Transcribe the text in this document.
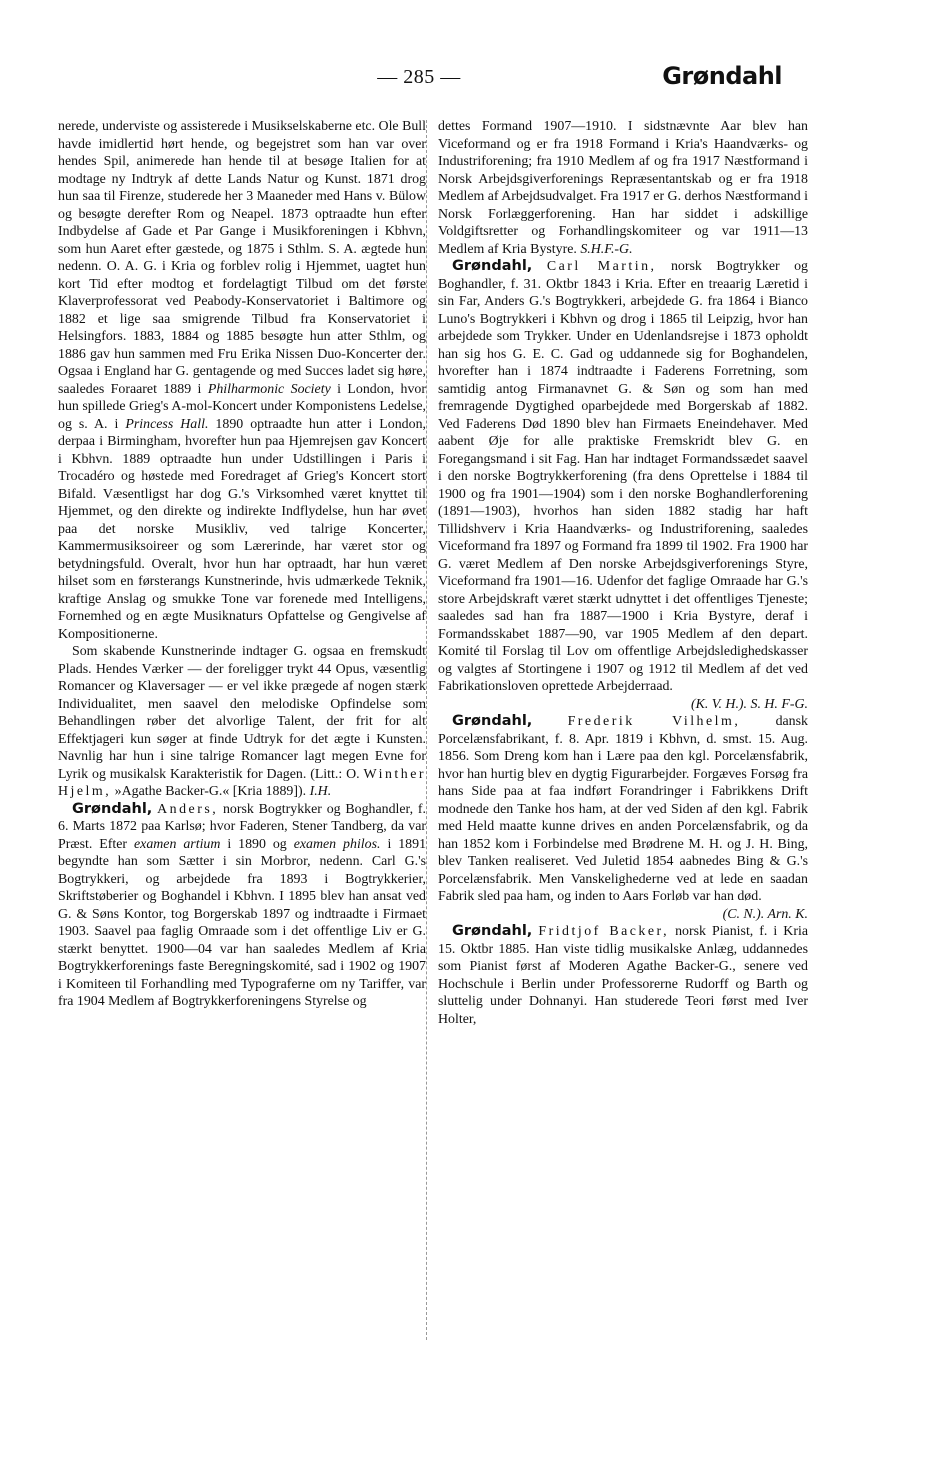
— 285 —	Grøndahl

nerede, underviste og assisterede i Musikselskaberne etc. Ole Bull havde imidlertid hørt hende, og begejstret som han var over hendes Spil, animerede han hende til at besøge Italien for at modtage ny Indtryk af dette Lands Natur og Kunst. 1871 drog hun saa til Firenze, studerede her 3 Maaneder med Hans v. Bülow og besøgte derefter Rom og Neapel. 1873 optraadte hun efter Indbydelse af Gade et Par Gange i Musikforeningen i Kbhvn, som hun Aaret efter gæstede, og 1875 i Sthlm. S. A. ægtede hun nedenn. O. A. G. i Kria og forblev rolig i Hjemmet, uagtet hun kort Tid efter modtog et fordelagtigt Tilbud om det første Klaverprofessorat ved Peabody-Konservatoriet i Baltimore og 1882 et lige saa smigrende Tilbud fra Konservatoriet i Helsingfors. 1883, 1884 og 1885 besøgte hun atter Sthlm, og 1886 gav hun sammen med Fru Erika Nissen Duo-Koncerter der. Ogsaa i England har G. gentagende og med Succes ladet sig høre, saaledes Foraaret 1889 i Philharmonic Society i London, hvor hun spillede Grieg's A-mol-Koncert under Komponistens Ledelse, og s. A. i Princess Hall. 1890 optraadte hun atter i London, derpaa i Birmingham, hvorefter hun paa Hjemrejsen gav Koncert i Kbhvn. 1889 optraadte hun under Udstillingen i Paris i Trocadéro og høstede med Foredraget af Grieg's Koncert stort Bifald. Væsentligst har dog G.'s Virksomhed været knyttet til Hjemmet, og den direkte og indirekte Indflydelse, hun har øvet paa det norske Musikliv, ved talrige Koncerter, Kammermusiksoireer og som Lærerinde, har været stor og betydningsfuld. Overalt, hvor hun har optraadt, har hun været hilset som en førsterangs Kunstnerinde, hvis udmærkede Teknik, kraftige Anslag og smukke Tone var forenede med Intelligens, Fornemhed og en ægte Musiknaturs Opfattelse og Gengivelse af Kompositionerne.

Som skabende Kunstnerinde indtager G. ogsaa en fremskudt Plads. Hendes Værker — der foreligger trykt 44 Opus, væsentlig Romancer og Klaversager — er vel ikke prægede af nogen stærk Individualitet, men saavel den melodiske Opfindelse som Behandlingen røber det alvorlige Talent, der frit for alt Effektjageri kun søger at finde Udtryk for det ægte i Kunsten. Navnlig har hun i sine talrige Romancer lagt megen Evne for Lyrik og musikalsk Karakteristik for Dagen. (Litt.: O. Winther Hjelm, »Agathe Backer-G.« [Kria 1889]). I.H.

Grøndahl, Anders, norsk Bogtrykker og Boghandler, f. 6. Marts 1872 paa Karlsø; hvor Faderen, Stener Tandberg, da var Præst. Efter examen artium i 1890 og examen philos. i 1891 begyndte han som Sætter i sin Morbror, nedenn. Carl G.'s Bogtrykkeri, og arbejdede fra 1893 i Bogtrykkerier, Skriftstøberier og Boghandel i Kbhvn. I 1895 blev han ansat ved G. & Søns Kontor, tog Borgerskab 1897 og indtraadte i Firmaet 1903. Saavel paa faglig Omraade som i det offentlige Liv er G. stærkt benyttet. 1900—04 var han saaledes Medlem af Kria Bogtrykkerforenings faste Beregningskomité, sad i 1902 og 1907 i Komiteen til Forhandling med Typograferne om ny Tariffer, var fra 1904 Medlem af Bogtrykkerforeningens Styrelse og

dettes Formand 1907—1910. I sidstnævnte Aar blev han Viceformand og er fra 1918 Formand i Kria's Haandværks- og Industriforening; fra 1910 Medlem af og fra 1917 Næstformand i Norsk Arbejdsgiverforenings Repræsentantskab og er fra 1918 Medlem af Arbejdsudvalget. Fra 1917 er G. derhos Næstformand i Norsk Forlæggerforening. Han har siddet i adskillige Voldgiftsretter og Forhandlingskomiteer og var 1911—13 Medlem af Kria Bystyre. S.H.F.-G.

Grøndahl, Carl Martin, norsk Bogtrykker og Boghandler, f. 31. Oktbr 1843 i Kria. Efter en treaarig Læretid i sin Far, Anders G.'s Bogtrykkeri, arbejdede G. fra 1864 i Bianco Luno's Bogtrykkeri i Kbhvn og drog i 1865 til Leipzig, hvor han arbejdede som Trykker. Under en Udenlandsrejse i 1873 opholdt han sig hos G. E. C. Gad og uddannede sig for Boghandelen, hvorefter han i 1874 indtraadte i Faderens Forretning, som samtidig antog Firmanavnet G. & Søn og som han med fremragende Dygtighed oparbejdede med Borgerskab af 1882. Ved Faderens Død 1890 blev han Firmaets Eneindehaver. Med aabent Øje for alle praktiske Fremskridt blev G. en Foregangsmand i sit Fag. Han har indtaget Formandssædet saavel i den norske Bogtrykkerforening (fra dens Oprettelse i 1884 til 1900 og fra 1901—1904) som i den norske Boghandlerforening (1891—1903), hvorhos han siden 1882 stadig har haft Tillidshverv i Kria Haandværks- og Industriforening, saaledes Viceformand fra 1897 og Formand fra 1899 til 1902. Fra 1900 har G. været Medlem af Den norske Arbejdsgiverforenings Styre, Viceformand fra 1901—16. Udenfor det faglige Omraade har G.'s store Arbejdskraft været stærkt udnyttet i det offentliges Tjeneste; saaledes sad han fra 1887—1900 i Kria Bystyre, deraf i Formandsskabet 1887—90, var 1905 Medlem af den depart. Komité til Forslag til Lov om offentlige Arbejdsledighedskasser og valgtes af Stortingene i 1907 og 1912 til Medlem af det ved Fabrikationsloven oprettede Arbejderraad.

(K. V. H.). S. H. F-G.

Grøndahl,	Frederik Vilhelm, dansk Porcelænsfabrikant, f. 8. Apr. 1819 i Kbhvn, d. smst. 15. Aug. 1856. Som Dreng kom han i Lære paa den kgl. Porcelænsfabrik, hvor han hurtig blev en dygtig Figurarbejder. Forgæves Forsøg fra hans Side paa at faa indført Forandringer i Fabrikkens Drift modnede den Tanke hos ham, at der ved Siden af den kgl. Fabrik med Held maatte kunne drives en anden Porcelænsfabrik, og da han 1852 kom i Forbindelse med Brødrene M. H. og J. H. Bing, blev Tanken realiseret. Ved Juletid 1854 aabnedes Bing & G.'s Porcelænsfabrik. Men Vanskelighederne ved at lede en saadan Fabrik sled paa ham, og inden to Aars Forløb var han død.

(C. N.). Arn. K.

Grøndahl, Fridtjof Backer, norsk Pianist, f. i Kria 15. Oktbr 1885. Han viste tidlig musikalske Anlæg, uddannedes som Pianist først af Moderen Agathe Backer-G., senere ved Hochschule i Berlin under Professorerne Rudorff og Barth og sluttelig under Dohnanyi. Han studerede Teori først med Iver Holter,
